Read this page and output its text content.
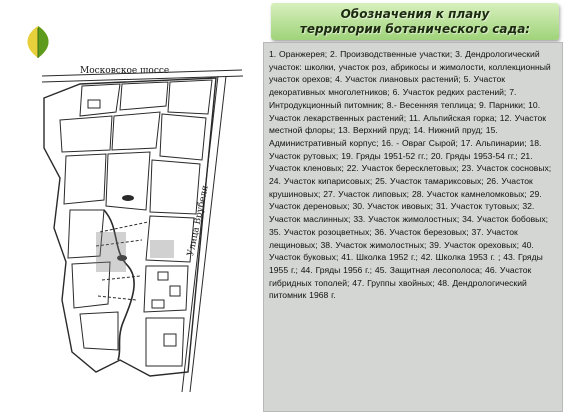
Московское шоссе
Улица Врубеля
Обозначения к плану
территории ботанического сада:
1. Оранжерея; 2. Производственные участки; 3. Дендрологический участок: школки, участок роз, абрикосы и жимолости, коллекционный участок орехов; 4. Участок лиановых растений; 5. Участок декоративных многолетников; 6. Участок редких растений; 7. Интродукционный питомник; 8.- Весенняя теплица; 9. Парники; 10. Участок лекарственных растений; 11. Альпийская горка; 12. Участок местной флоры; 13. Верхний пруд; 14. Нижний пруд; 15. Административный корпус; 16. - Овраг Сырой; 17. Альпинарии; 18. Участок рутовых; 19. Гряды 1951-52 гг.; 20. Гряды 1953-54 гг.; 21. Участок кленовых; 22. Участок бересклетовых; 23. Участок сосновых; 24. Участок кипарисовых; 25. Участок тамариксовых; 26. Участок крушиновых; 27. Участок липовых; 28. Участок камнеломковых; 29. Участок дереновых; 30. Участок ивовых; 31. Участок тутовых; 32. Участок маслинных; 33. Участок жимолостных; 34. Участок бобовых; 35. Участок розоцветных; 36. Участок березовых; 37. Участок лещиновых; 38. Участок жимолостных; 39. Участок ореховых; 40. Участок буковых; 41. Школка 1952 г.; 42. Школка 1953 г. ; 43. Гряды 1955 г.; 44. Гряды 1956 г.; 45. Защитная лесополоса; 46. Участок гибридных тополей; 47. Группы хвойных; 48. Дендрологический питомник 1968 г.
